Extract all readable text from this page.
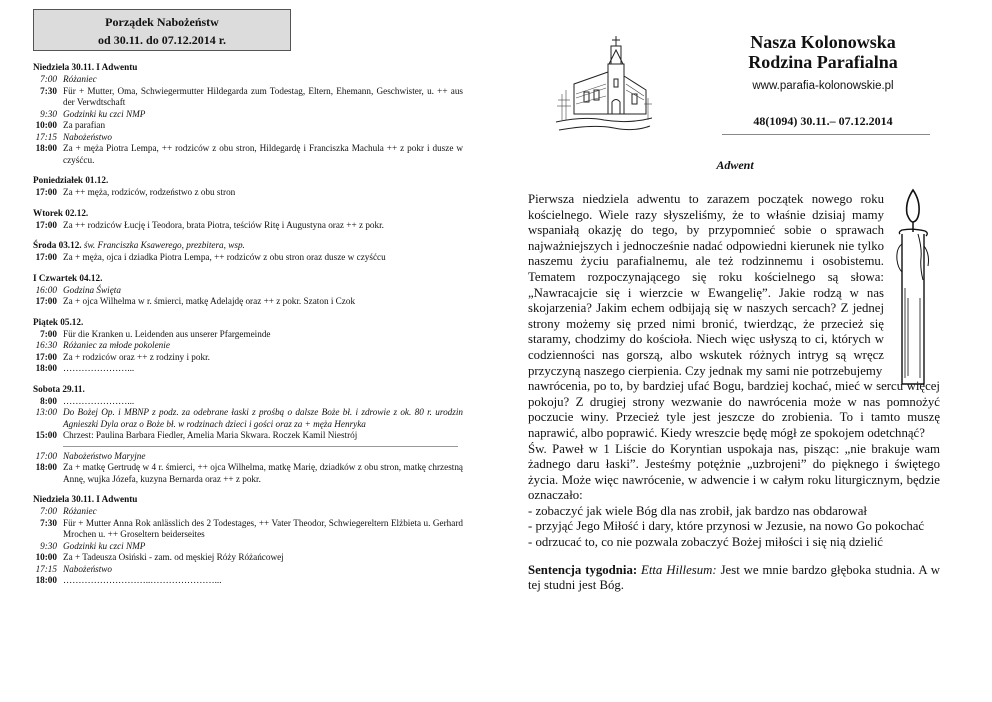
Porządek Nabożeństw
od 30.11. do 07.12.2014 r.
Niedziela 30.11. I Adwentu
7:00 Różaniec
7:30 Für + Mutter, Oma, Schwiegermutter Hildegarda zum Todestag, Eltern, Ehemann, Geschwister, u. ++ aus der Verwdtschaft
9:30 Godzinki ku czci NMP
10:00 Za parafian
17:15 Nabożeństwo
18:00 Za + męża Piotra Lempa, ++ rodziców z obu stron, Hildegardę i Franciszka Machula ++ z pokr i dusze w czyśćcu.
Poniedziałek 01.12.
17:00 Za ++ męża, rodziców, rodzeństwo z obu stron
Wtorek 02.12.
17:00 Za ++ rodziców Łucję i Teodora, brata Piotra, teściów Ritę i Augustyna oraz ++ z pokr.
Środa 03.12. św. Franciszka Ksawerego, prezbitera, wsp.
17:00 Za + męża, ojca i dziadka Piotra Lempa, ++ rodziców z obu stron oraz dusze w czyśćcu
I Czwartek 04.12.
16:00 Godzina Święta
17:00 Za + ojca Wilhelma w r. śmierci, matkę Adelajdę oraz ++ z pokr. Szaton i Czok
Piątek 05.12.
7:00 Für die Kranken u. Leidenden aus unserer Pfargemeinde
16:30 Różaniec za młode pokolenie
17:00 Za + rodziców oraz ++ z rodziny i pokr.
18:00 …………………...
Sobota 29.11.
8:00 …………………...
13:00 Do Bożej Op. i MBNP z podz. za odebrane łaski z prośbą o dalsze Boże bł. i zdrowie z ok. 80 r. urodzin Agnieszki Dyla oraz o Boże bł. w rodzinach dzieci i gości oraz za + męża Henryka
15:00 Chrzest: Paulina Barbara Fiedler, Amelia Maria Skwara. Roczek Kamil Niestrój
17:00 Nabożeństwo Maryjne
18:00 Za + matkę Gertrudę w 4 r. śmierci, ++ ojca Wilhelma, matkę Marię, dziadków z obu stron, matkę chrzestną Annę, wujka Józefa, kuzyna Bernarda oraz ++ z pokr.
Niedziela 30.11. I Adwentu
7:00 Różaniec
7:30 Für + Mutter Anna Rok anlässlich des 2 Todestages, ++ Vater Theodor, Schwiegereltern Elżbieta u. Gerhard Mrochen u. ++ Groseltern beiderseites
9:30 Godzinki ku czci NMP
10:00 Za + Tadeusza Osiński - zam. od męskiej Róży Różańcowej
17:15 Nabożeństwo
18:00 ………………………..…………………...
Nasza Kolonowska
Rodzina Parafialna
www.parafia-kolonowskie.pl
48(1094) 30.11.– 07.12.2014
Adwent

Pierwsza niedziela adwentu to zarazem początek nowego roku kościelnego. Wiele razy słyszeliśmy, że to właśnie dzisiaj mamy wspaniałą okazję do tego, by przypomnieć sobie o sprawach najważniejszych i jednocześnie nadać odpowiedni kierunek nie tylko naszemu życiu parafialnemu, ale też rodzinnemu i osobistemu. Tematem rozpoczynającego się roku kościelnego są słowa: „Nawracajcie się i wierzcie w Ewangelię”. Jakie rodzą w nas skojarzenia? Jakim echem odbijają się w naszych sercach? Z jednej strony możemy się przed nimi bronić, twierdząc, że przecież się staramy, chodzimy do kościoła. Niech więc usłyszą to ci, których w codzienności nas gorszą, albo wskutek różnych intryg są wręcz przyczyną naszego cierpienia. Czy jednak my sami nie potrzebujemy

nawrócenia, po to, by bardziej ufać Bogu, bardziej kochać, mieć w sercu więcej pokoju? Z drugiej strony wezwanie do nawrócenia może w nas pomnożyć poczucie winy. Przecież tyle jest jeszcze do zrobienia. To i tamto muszę naprawić, albo poprawić. Kiedy wreszcie będę mógł ze spokojem odetchnąć?

Św. Paweł w 1 Liście do Koryntian uspokaja nas, pisząc: „nie brakuje wam żadnego daru łaski”. Jesteśmy potężnie „uzbrojeni” do pięknego i świętego życia. Może więc nawrócenie, w adwencie i w całym roku liturgicznym, będzie oznaczało:

- zobaczyć jak wiele Bóg dla nas zrobił, jak bardzo nas obdarował

- przyjąć Jego Miłość i dary, które przynosi w Jezusie, na nowo Go pokochać

- odrzucać to, co nie pozwala zobaczyć Bożej miłości i się nią dzielić

Sentencja tygodnia: Etta Hillesum: Jest we mnie bardzo głęboka studnia. A w tej studni jest Bóg.
